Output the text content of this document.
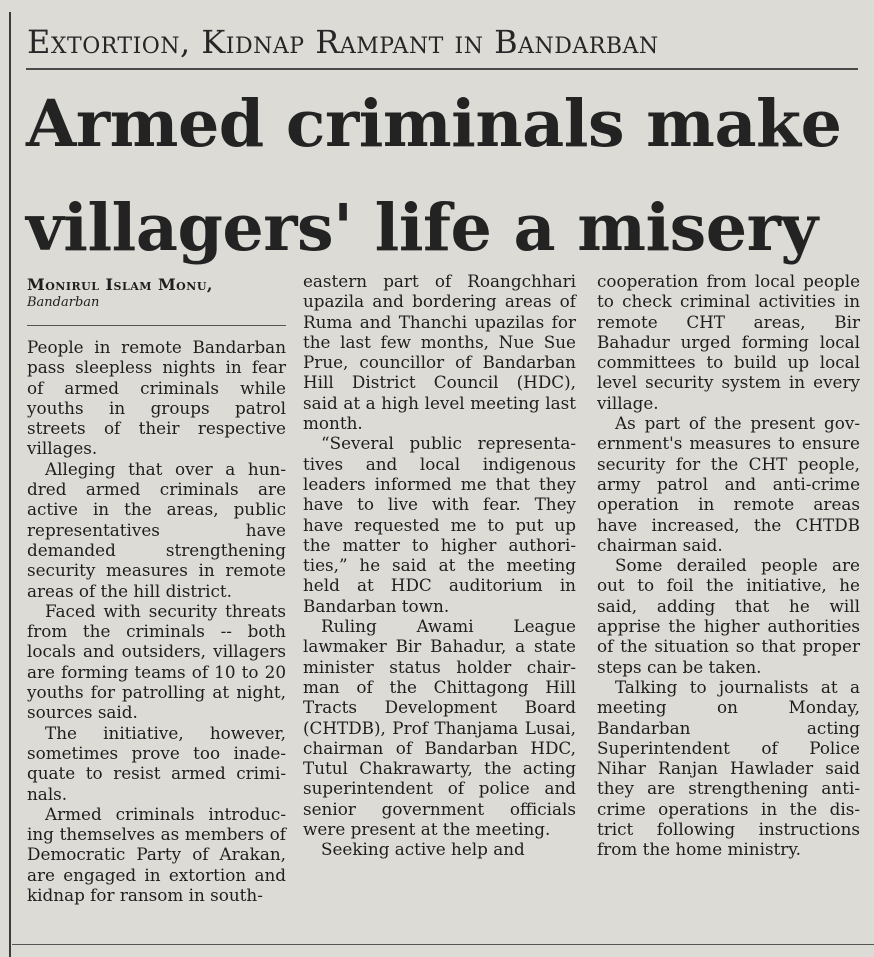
Extortion, Kidnap Rampant in Bandarban
Armed criminals make villagers' life a misery
Monirul Islam Monu,
Bandarban

People in remote Bandarban pass sleepless nights in fear of armed criminals while youths in groups patrol streets of their respective villages.

Alleging that over a hun-dred armed criminals are active in the areas, public representatives have demanded strengthening security measures in remote areas of the hill district.

Faced with security threats from the criminals -- both locals and outsiders, villagers are forming teams of 10 to 20 youths for patrolling at night, sources said.

The initiative, however, sometimes prove too inade-quate to resist armed crimi-nals.

Armed criminals introduc-ing themselves as members of Democratic Party of Arakan, are engaged in extortion and kidnap for ransom in south-

eastern part of Roangchhari upazila and bordering areas of Ruma and Thanchi upazilas for the last few months, Nue Sue Prue, councillor of Bandarban Hill District Council (HDC), said at a high level meeting last month.

“Several public representa-tives and local indigenous leaders informed me that they have to live with fear. They have requested me to put up the matter to higher authori-ties,” he said at the meeting held at HDC auditorium in Bandarban town.

Ruling Awami League lawmaker Bir Bahadur, a state minister status holder chair-man of the Chittagong Hill Tracts Development Board (CHTDB), Prof Thanjama Lusai, chairman of Bandarban HDC, Tutul Chakrawarty, the acting superintendent of police and senior government officials were present at the meeting.

Seeking active help and

cooperation from local people to check criminal activities in remote CHT areas, Bir Bahadur urged forming local committees to build up local level security system in every village.

As part of the present gov-ernment's measures to ensure security for the CHT people, army patrol and anti-crime operation in remote areas have increased, the CHTDB chairman said.

Some derailed people are out to foil the initiative, he said, adding that he will apprise the higher authorities of the situation so that proper steps can be taken.

Talking to journalists at a meeting on Monday, Bandarban acting Superintendent of Police Nihar Ranjan Hawlader said they are strengthening anti-crime operations in the dis-trict following instructions from the home ministry.
